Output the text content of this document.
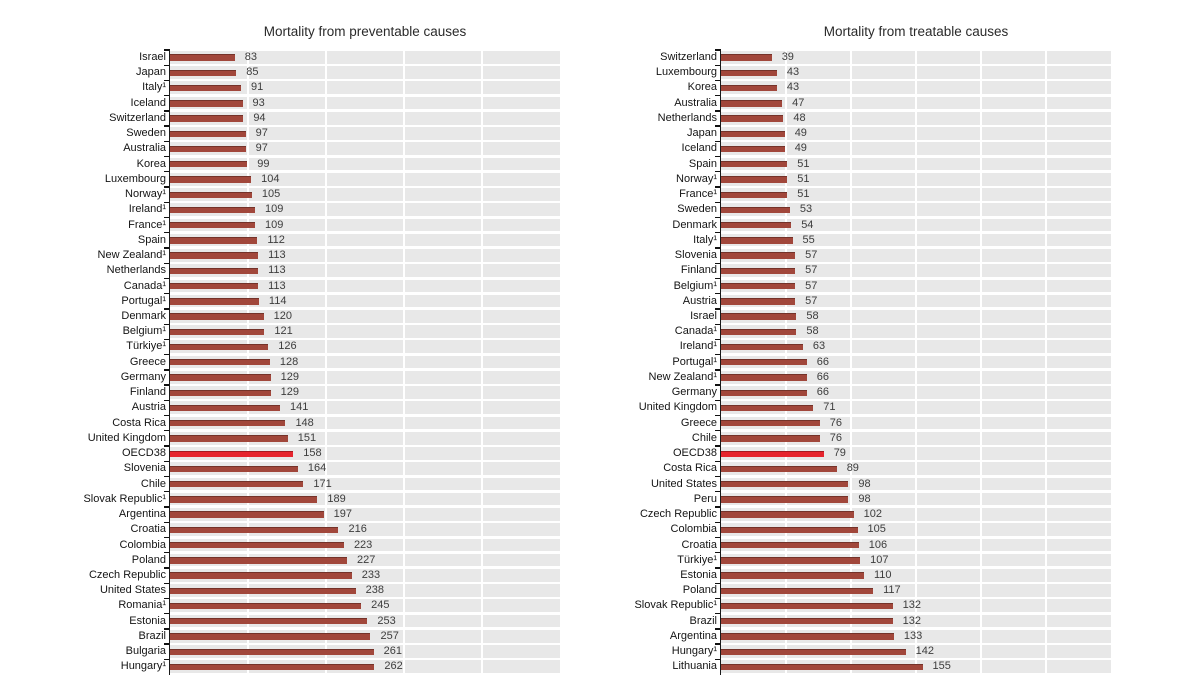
Mortality from preventable causes
Israel	83
Japan	85
Italy¹	91
Iceland	93
Switzerland	94
Sweden	97
Australia	97
Korea	99
Luxembourg	104
Norway¹	105
Ireland¹	109
France¹	109
Spain	112
New Zealand¹	113
Netherlands	113
Canada¹	113
Portugal¹	114
Denmark	120
Belgium¹	121
Türkiye¹	126
Greece	128
Germany	129
Finland	129
Austria	141
Costa Rica	148
United Kingdom	151
OECD38	158
Slovenia	164
Chile	171
Slovak Republic¹	189
Argentina	197
Croatia	216
Colombia	223
Poland	227
Czech Republic	233
United States	238
Romania¹	245
Estonia	253
Brazil	257
Bulgaria	261
Hungary¹	262
Mortality from treatable causes
Switzerland	39
Luxembourg	43
Korea	43
Australia	47
Netherlands	48
Japan	49
Iceland	49
Spain	51
Norway¹	51
France¹	51
Sweden	53
Denmark	54
Italy¹	55
Slovenia	57
Finland	57
Belgium¹	57
Austria	57
Israel	58
Canada¹	58
Ireland¹	63
Portugal¹	66
New Zealand¹	66
Germany	66
United Kingdom	71
Greece	76
Chile	76
OECD38	79
Costa Rica	89
United States	98
Peru	98
Czech Republic	102
Colombia	105
Croatia	106
Türkiye¹	107
Estonia	110
Poland	117
Slovak Republic¹	132
Brazil	132
Argentina	133
Hungary¹	142
Lithuania	155
